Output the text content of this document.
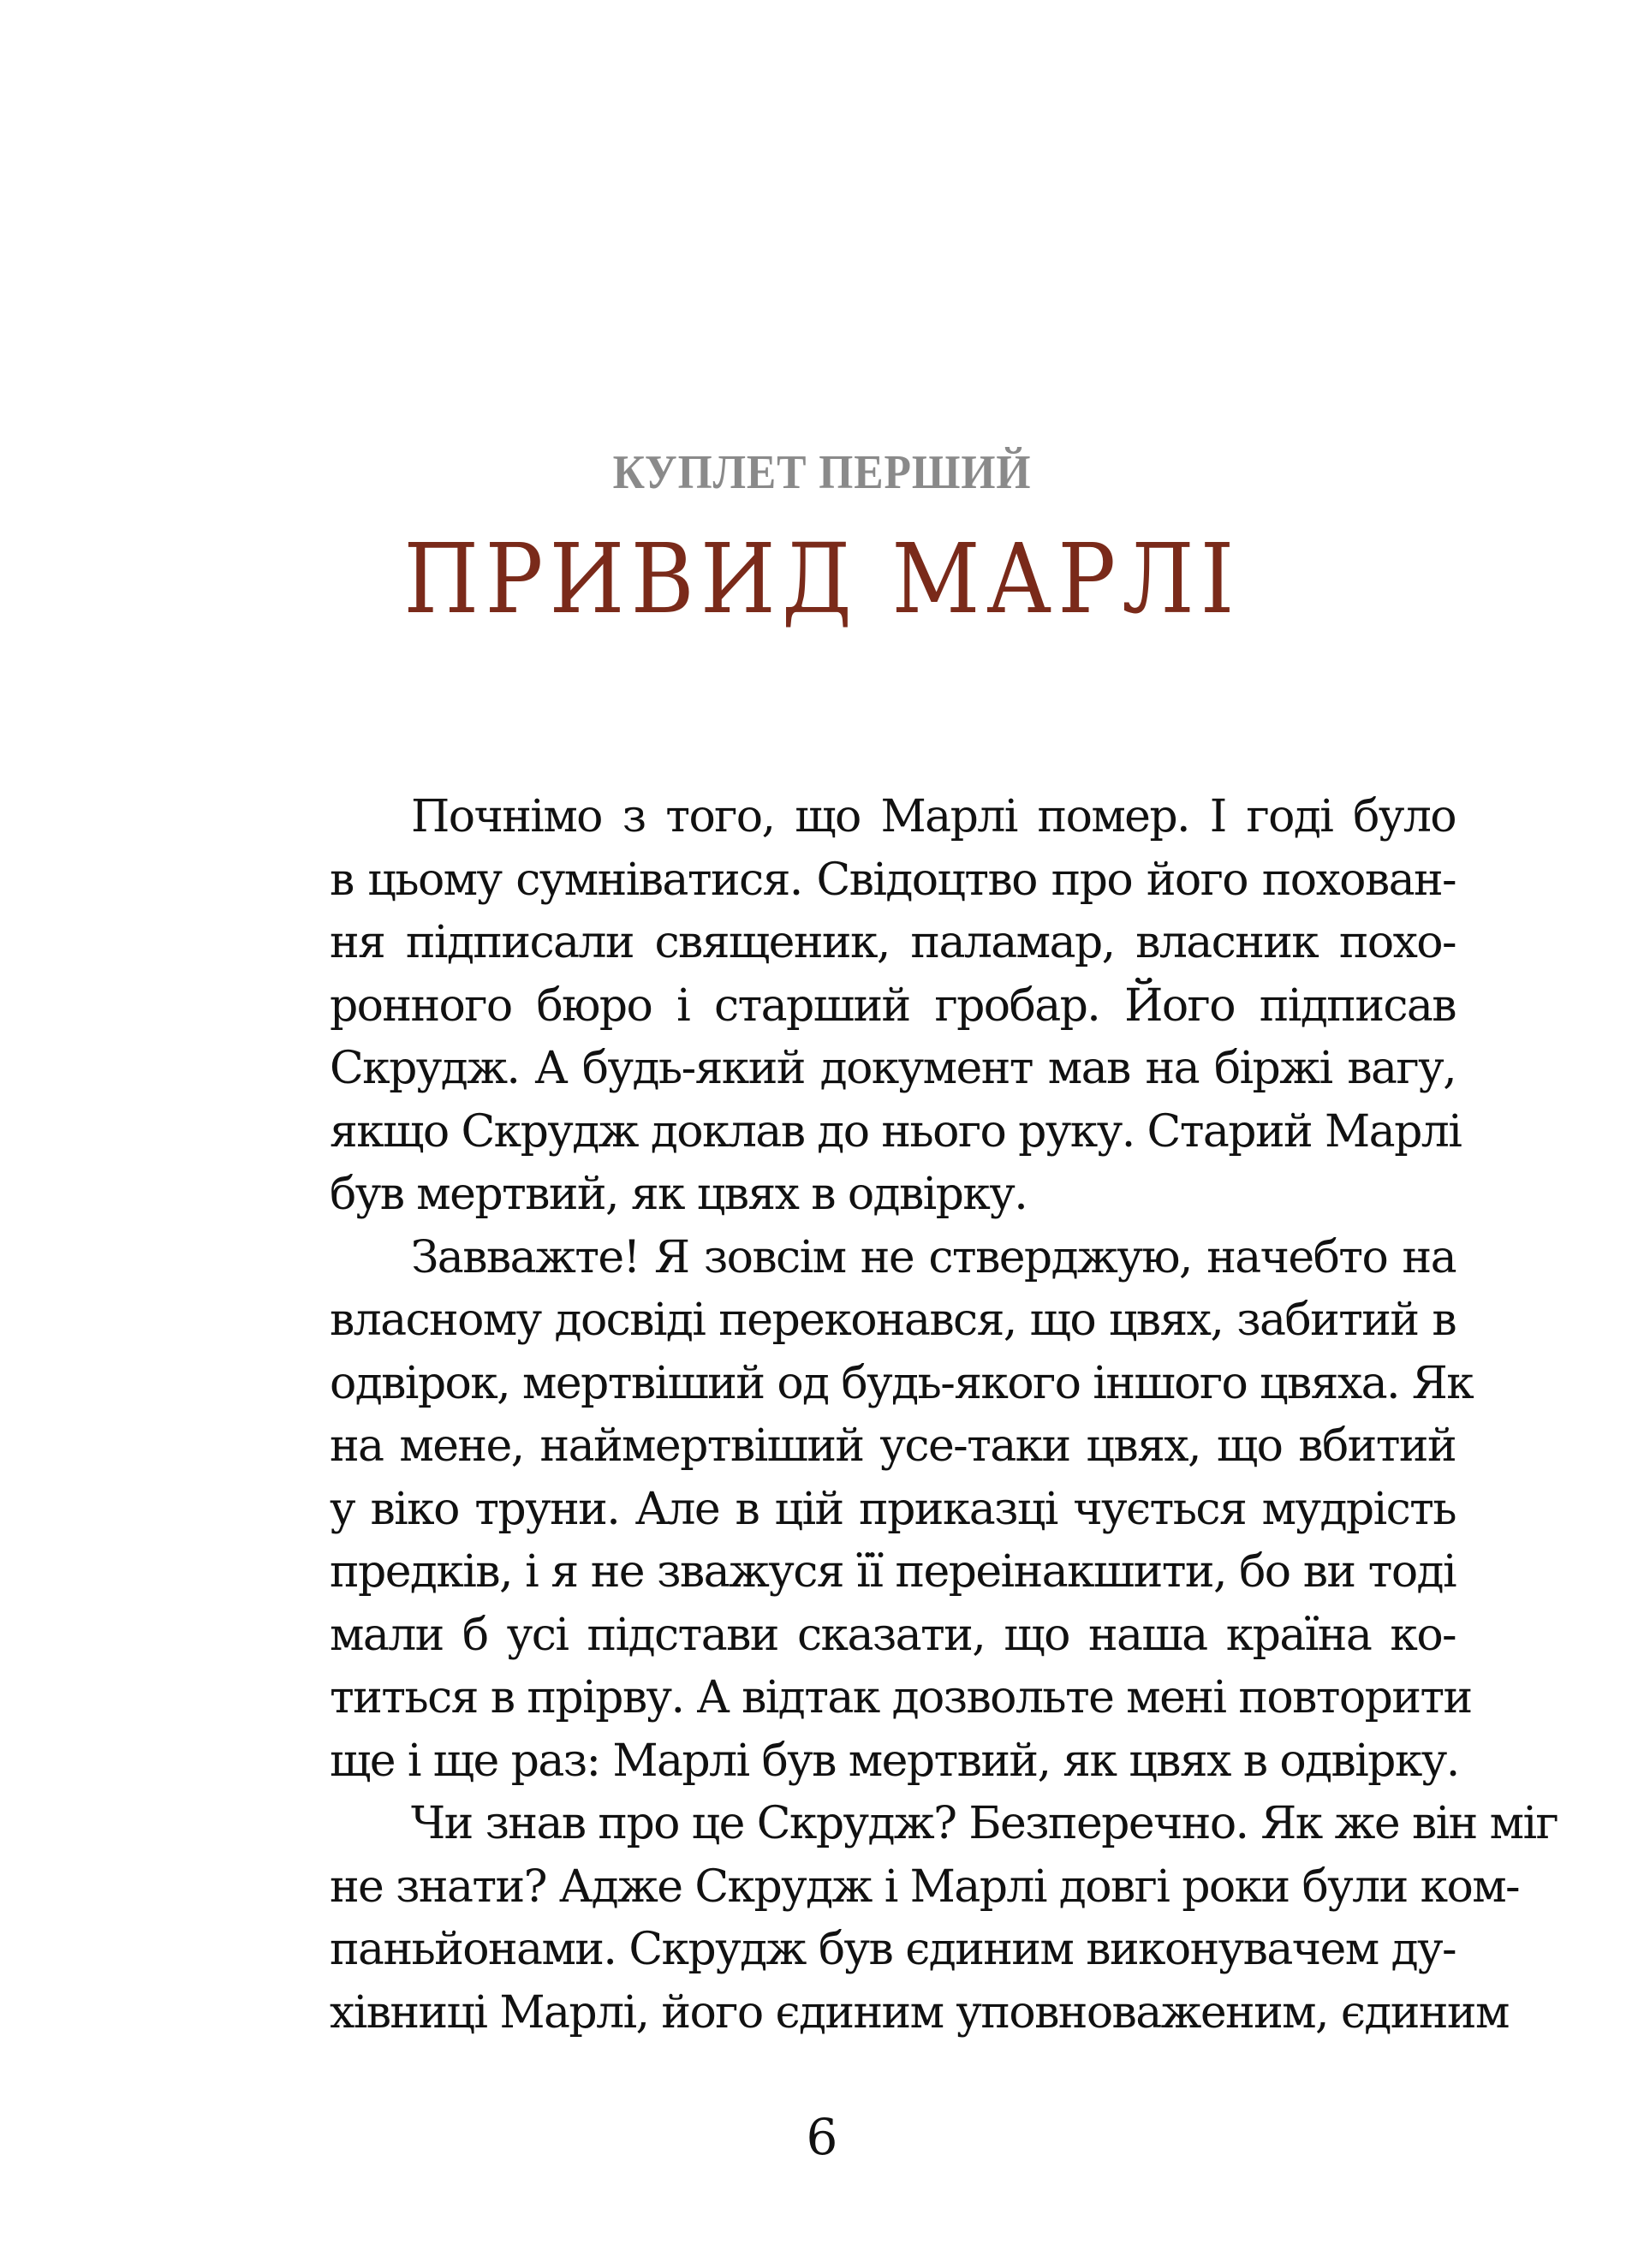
КУПЛЕТ ПЕРШИЙ
ПРИВИД МАРЛІ
Почнімо з того, що Марлі помер. І годі було
в цьому сумніватися. Свідоцтво про його похован-
ня підписали священик, паламар, власник похо-
ронного бюро і старший гробар. Його підписав
Скрудж. А будь-який документ мав на біржі вагу,
якщо Скрудж доклав до нього руку. Старий Марлі
був мертвий, як цвях в одвірку.
Завважте! Я зовсім не стверджую, начебто на
власному досвіді переконався, що цвях, забитий в
одвірок, мертвіший од будь-якого іншого цвяха. Як
на мене, наймертвіший усе-таки цвях, що вбитий
у віко труни. Але в цій приказці чується мудрість
предків, і я не зважуся її переінакшити, бо ви тоді
мали б усі підстави сказати, що наша країна ко-
титься в прірву. А відтак дозвольте мені повторити
ще і ще раз: Марлі був мертвий, як цвях в одвірку.
Чи знав про це Скрудж? Безперечно. Як же він міг
не знати? Адже Скрудж і Марлі довгі роки були ком-
паньйонами. Скрудж був єдиним виконувачем ду-
хівниці Марлі, його єдиним уповноваженим, єдиним
6
